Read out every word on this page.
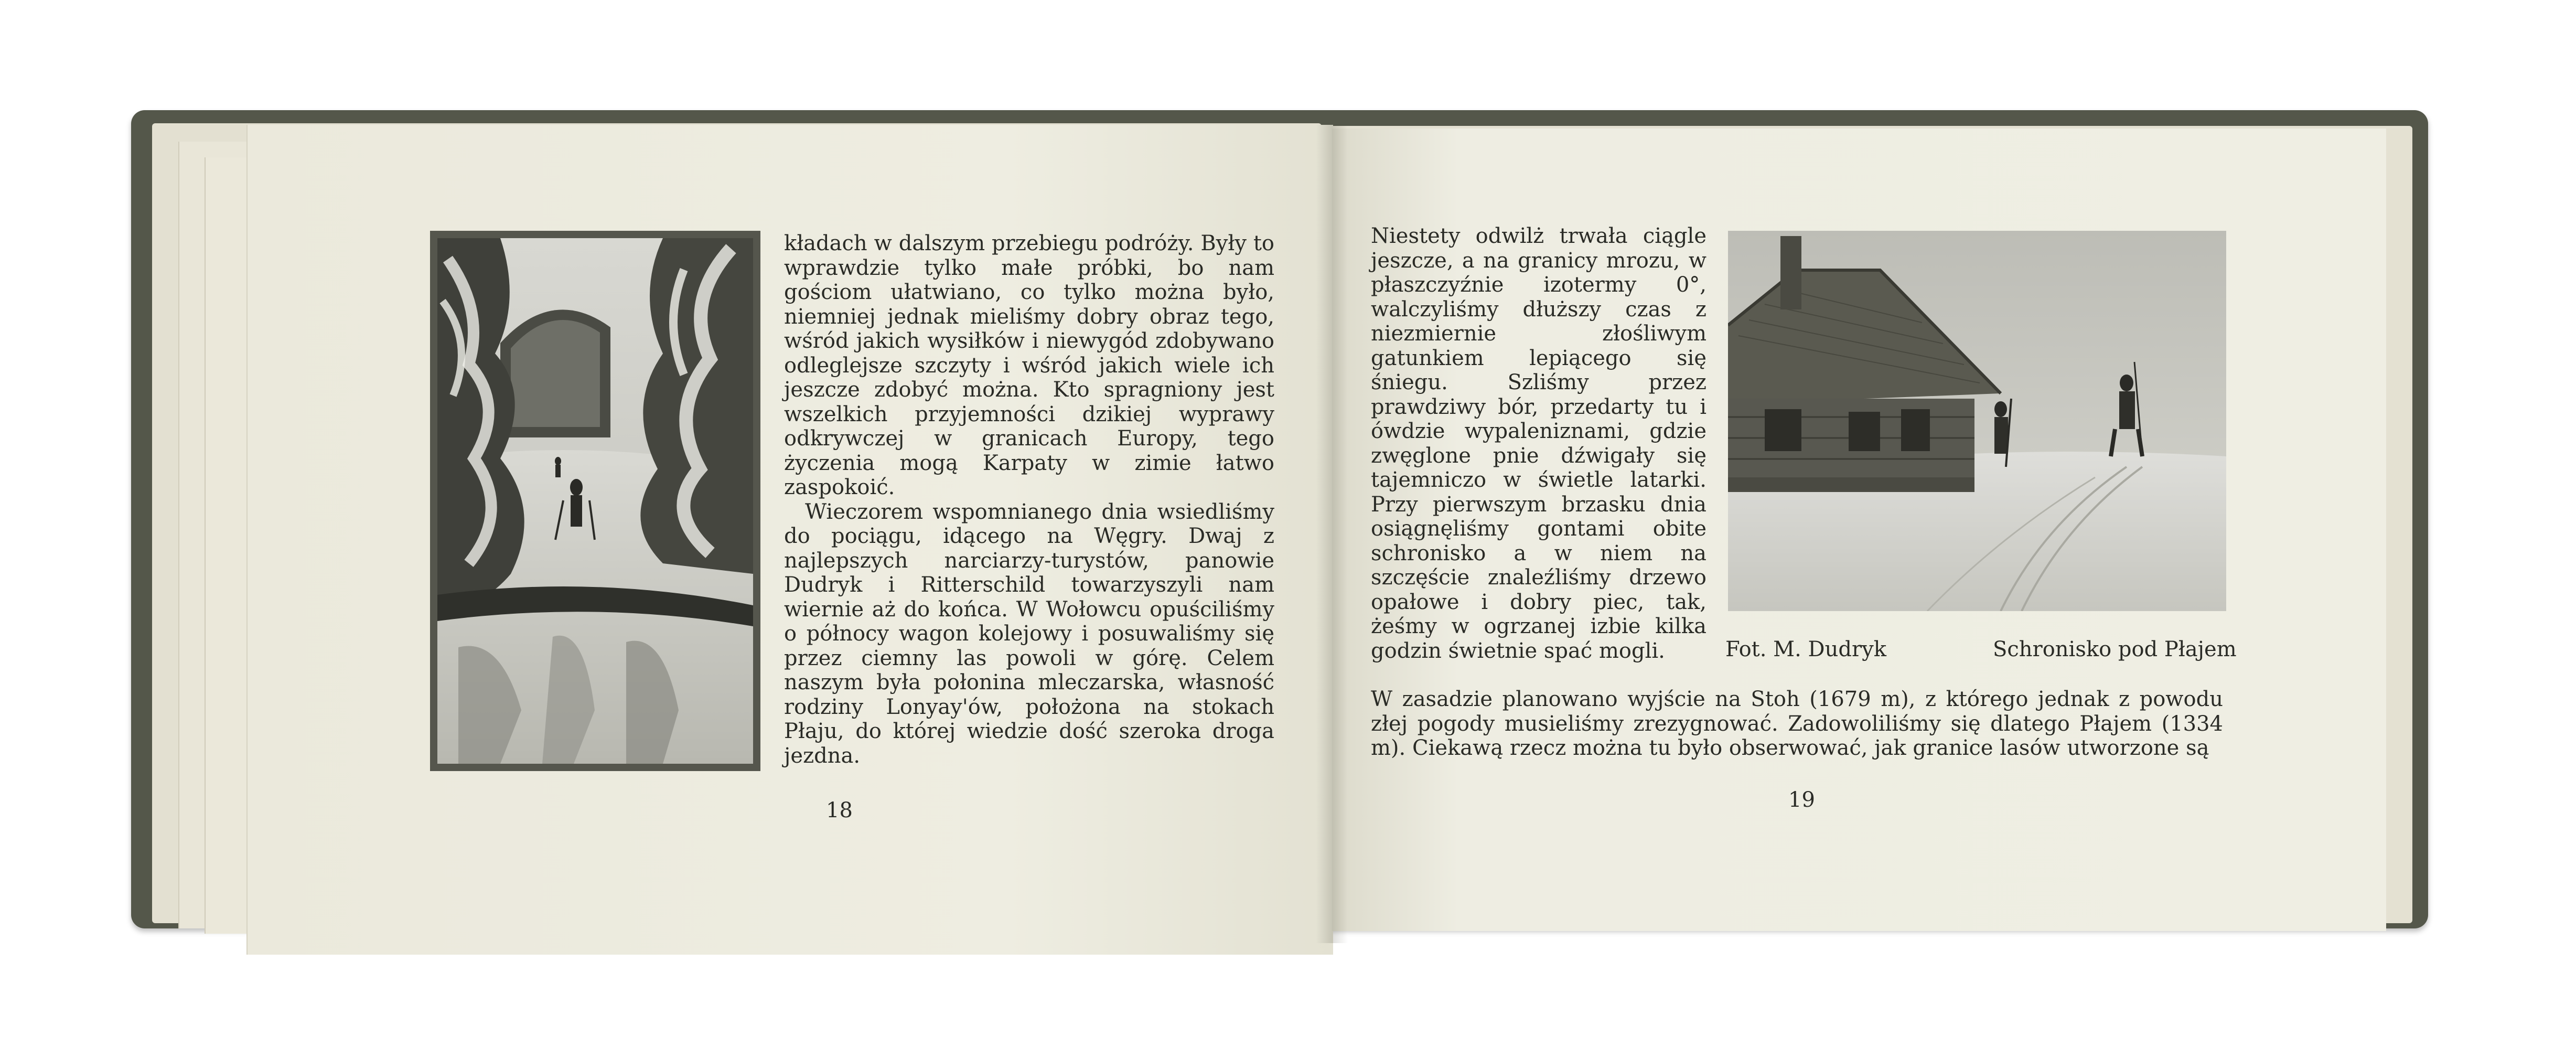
kładach w dalszym przebiegu podróży. Były to wprawdzie tylko małe próbki, bo nam gościom ułatwiano, co tylko można było, niemniej jednak mieliśmy dobry obraz tego, wśród jakich wysiłków i niewygód zdobywano odleglejsze szczyty i wśród jakich wiele ich jeszcze zdobyć można. Kto spragniony jest wszelkich przyjemności dzikiej wyprawy odkrywczej w granicach Europy, tego życzenia mogą Karpaty w zimie łatwo zaspokoić.

Wieczorem wspomnianego dnia wsiedliśmy do pociągu, idącego na Węgry. Dwaj z najlepszych narciarzy-turystów, panowie Dudryk i Ritterschild towarzyszyli nam wiernie aż do końca. W Wołowcu opuściliśmy o północy wagon kolejowy i posuwaliśmy się przez ciemny las powoli w górę. Celem naszym była połonina mleczarska, własność rodziny Lonyay'ów, położona na stokach Płaju, do której wiedzie dość szeroka droga jezdna.

18

Niestety odwilż trwała ciągle jeszcze, a na granicy mrozu, w płaszczyźnie izotermy 0°, walczyliśmy dłuższy czas z niezmiernie złośliwym gatunkiem lepiącego się śniegu. Szliśmy przez prawdziwy bór, przedarty tu i ówdzie wypaleniznami, gdzie zwęglone pnie dźwigały się tajemniczo w świetle latarki. Przy pierwszym brzasku dnia osiągnęliśmy gontami obite schronisko a w niem na szczęście znaleźliśmy drzewo opałowe i dobry piec, tak, żeśmy w ogrzanej izbie kilka godzin świetnie spać mogli.	Fot. M. Dudryk	Schronisko pod Płajem

W zasadzie planowano wyjście na Stoh (1679 m), z którego jednak z powodu złej pogody musieliśmy zrezygnować. Zadowoliliśmy się dlatego Płajem (1334 m). Ciekawą rzecz można tu było obserwować, jak granice lasów utworzone są

19
